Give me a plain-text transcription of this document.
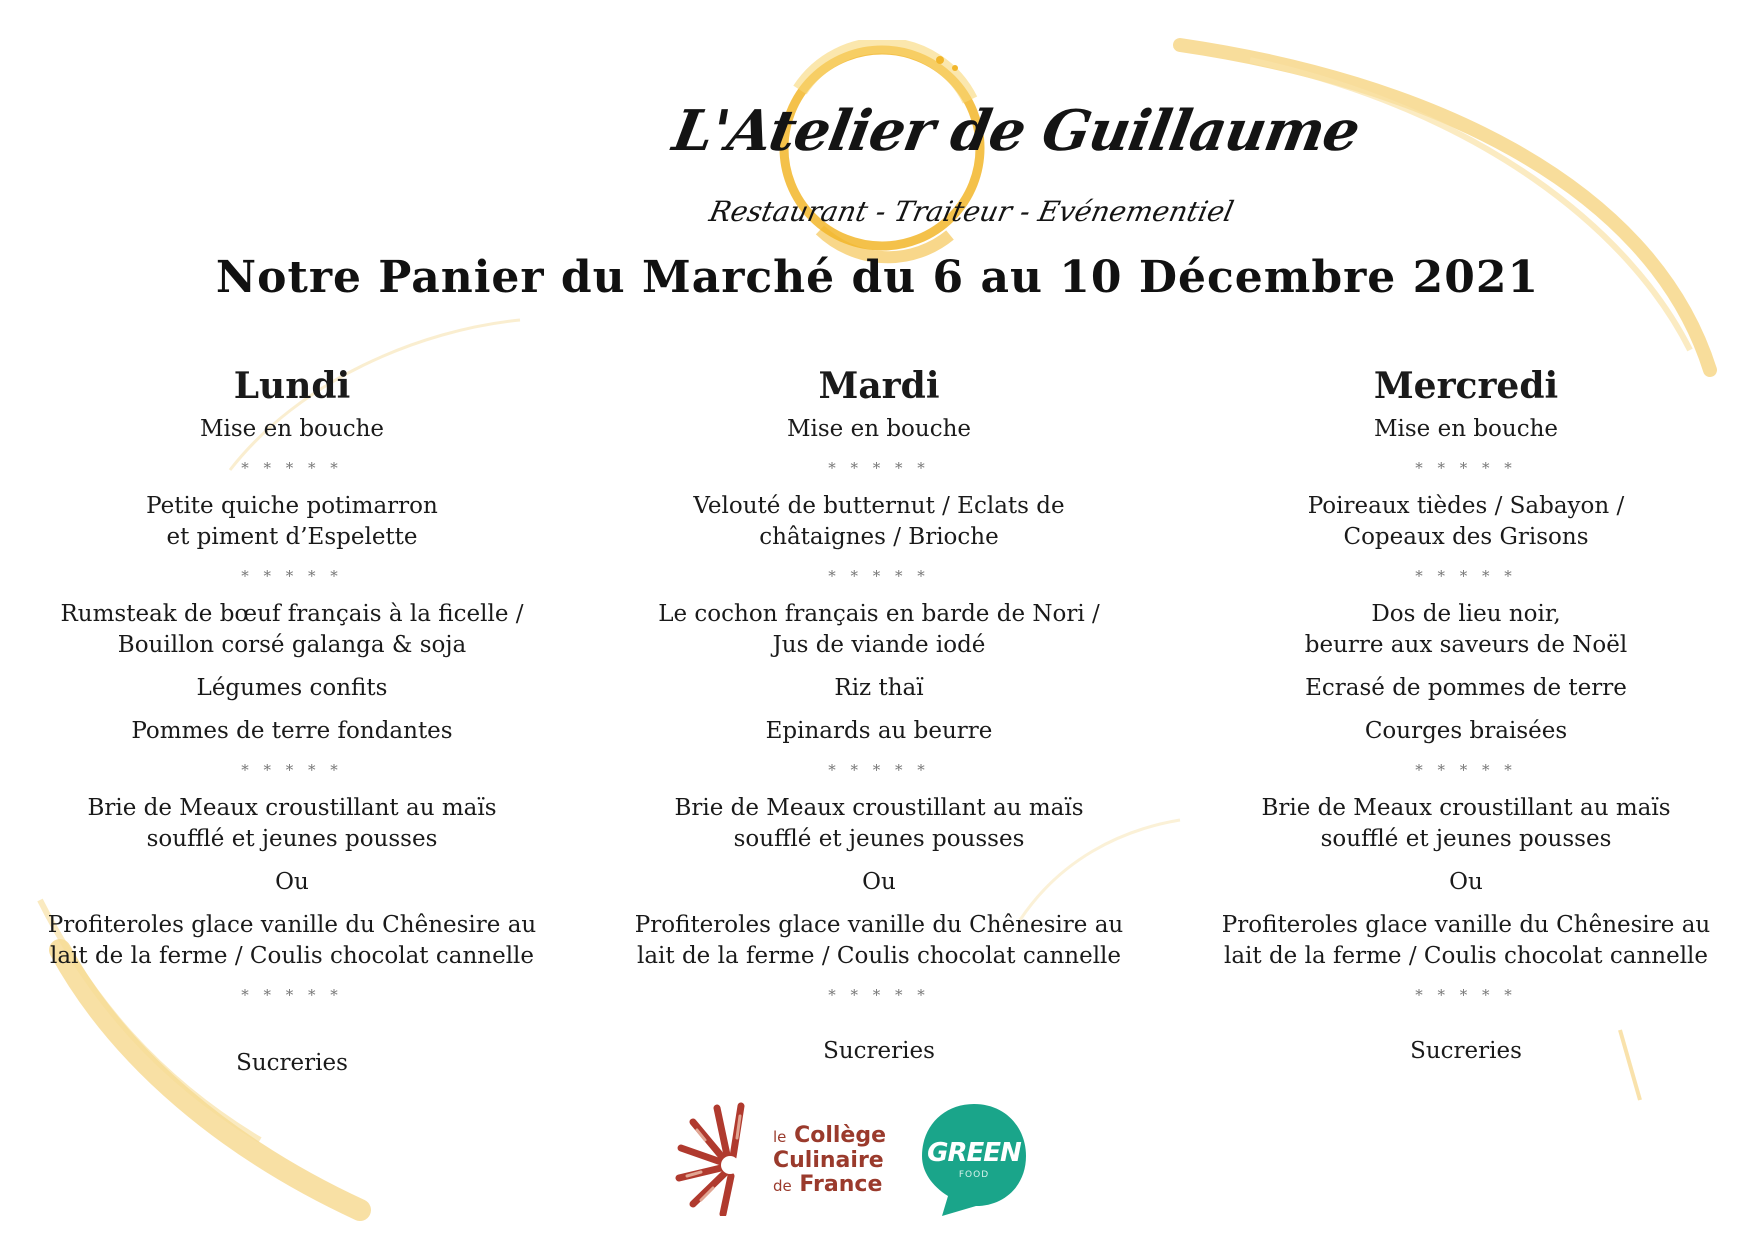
L'Atelier de Guillaume
Restaurant - Traiteur - Evénementiel
Notre Panier du Marché du 6 au 10 Décembre 2021
Lundi
Mise en bouche
* * * * *
Petite quiche potimarron
et piment d’Espelette
* * * * *
Rumsteak de bœuf français à la ficelle /
Bouillon corsé galanga & soja
Légumes confits
Pommes de terre fondantes
* * * * *
Brie de Meaux croustillant au maïs
soufflé et jeunes pousses
Ou
Profiteroles glace vanille du Chênesire au
lait de la ferme / Coulis chocolat cannelle
* * * * *
Sucreries
Mardi
Mise en bouche
* * * * *
Velouté de butternut / Eclats de
châtaignes / Brioche
* * * * *
Le cochon français en barde de Nori /
Jus de viande iodé
Riz thaï
Epinards au beurre
* * * * *
Brie de Meaux croustillant au maïs
soufflé et jeunes pousses
Ou
Profiteroles glace vanille du Chênesire au
lait de la ferme / Coulis chocolat cannelle
* * * * *
Sucreries
Mercredi
Mise en bouche
* * * * *
Poireaux tièdes / Sabayon /
Copeaux des Grisons
* * * * *
Dos de lieu noir,
beurre aux saveurs de Noël
Ecrasé de pommes de terre
Courges braisées
* * * * *
Brie de Meaux croustillant au maïs
soufflé et jeunes pousses
Ou
Profiteroles glace vanille du Chênesire au
lait de la ferme / Coulis chocolat cannelle
* * * * *
Sucreries
le Collège
Culinaire
de France
GREEN
FOOD
